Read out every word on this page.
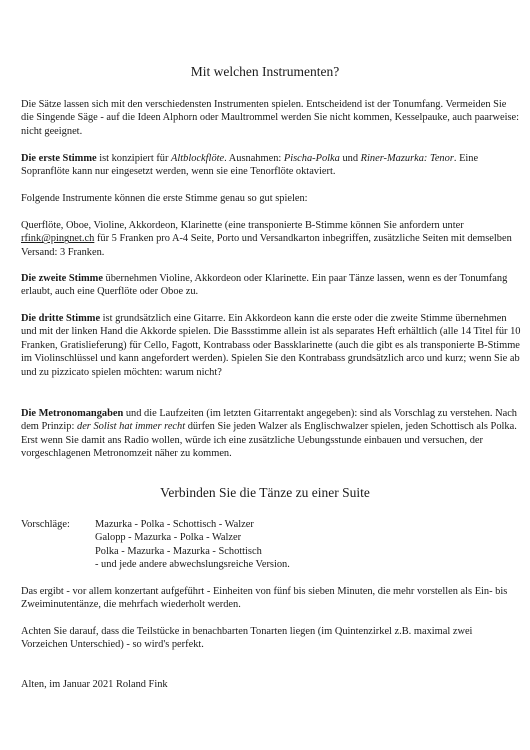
Mit welchen Instrumenten?
Die Sätze lassen sich mit den verschiedensten Instrumenten spielen. Entscheidend ist der Tonumfang. Vermeiden Sie die Singende Säge - auf die Ideen Alphorn oder Maultrommel werden Sie nicht kommen, Kesselpauke, auch paarweise: nicht geeignet.
Die erste Stimme ist konzipiert für Altblockflöte. Ausnahmen: Pischa-Polka und Riner-Mazurka: Tenor. Eine Sopranflöte kann nur eingesetzt werden, wenn sie eine Tenorflöte oktaviert.
Folgende Instrumente können die erste Stimme genau so gut spielen:
Querflöte, Oboe, Violine, Akkordeon, Klarinette (eine transponierte B-Stimme können Sie anfordern unter rfink@pingnet.ch für 5 Franken pro A-4 Seite, Porto und Versandkarton inbegriffen, zusätzliche Seiten mit demselben Versand: 3 Franken.
Die zweite Stimme übernehmen Violine, Akkordeon oder Klarinette. Ein paar Tänze lassen, wenn es der Tonumfang erlaubt, auch eine Querflöte oder Oboe zu.
Die dritte Stimme ist grundsätzlich eine Gitarre. Ein Akkordeon kann die erste oder die zweite Stimme übernehmen und mit der linken Hand die Akkorde spielen. Die Bassstimme allein ist als separates Heft erhältlich (alle 14 Titel für 10 Franken, Gratislieferung) für Cello, Fagott, Kontrabass oder Bassklarinette (auch die gibt es als transponierte B-Stimme im Violinschlüssel und kann angefordert werden). Spielen Sie den Kontrabass grundsätzlich arco und kurz; wenn Sie ab und zu pizzicato spielen möchten: warum nicht?
Die Metronomangaben und die Laufzeiten (im letzten Gitarrentakt angegeben): sind als Vorschlag zu verstehen. Nach dem Prinzip: der Solist hat immer recht dürfen Sie jeden Walzer als Englischwalzer spielen, jeden Schottisch als Polka. Erst wenn Sie damit ans Radio wollen, würde ich eine zusätzliche Uebungsstunde einbauen und versuchen, der vorgeschlagenen Metronomzeit näher zu kommen.
Verbinden Sie die Tänze zu einer Suite
Vorschläge: Mazurka - Polka - Schottisch - Walzer
Galopp - Mazurka - Polka - Walzer
Polka - Mazurka - Mazurka - Schottisch
- und jede andere abwechslungsreiche Version.
Das ergibt - vor allem konzertant aufgeführt - Einheiten von fünf bis sieben Minuten, die mehr vorstellen als Ein- bis Zweiminutentänze, die mehrfach wiederholt werden.
Achten Sie darauf, dass die Teilstücke in benachbarten Tonarten liegen (im Quintenzirkel z.B. maximal zwei Vorzeichen Unterschied) - so wird's perfekt.
Alten, im Januar 2021 Roland Fink
